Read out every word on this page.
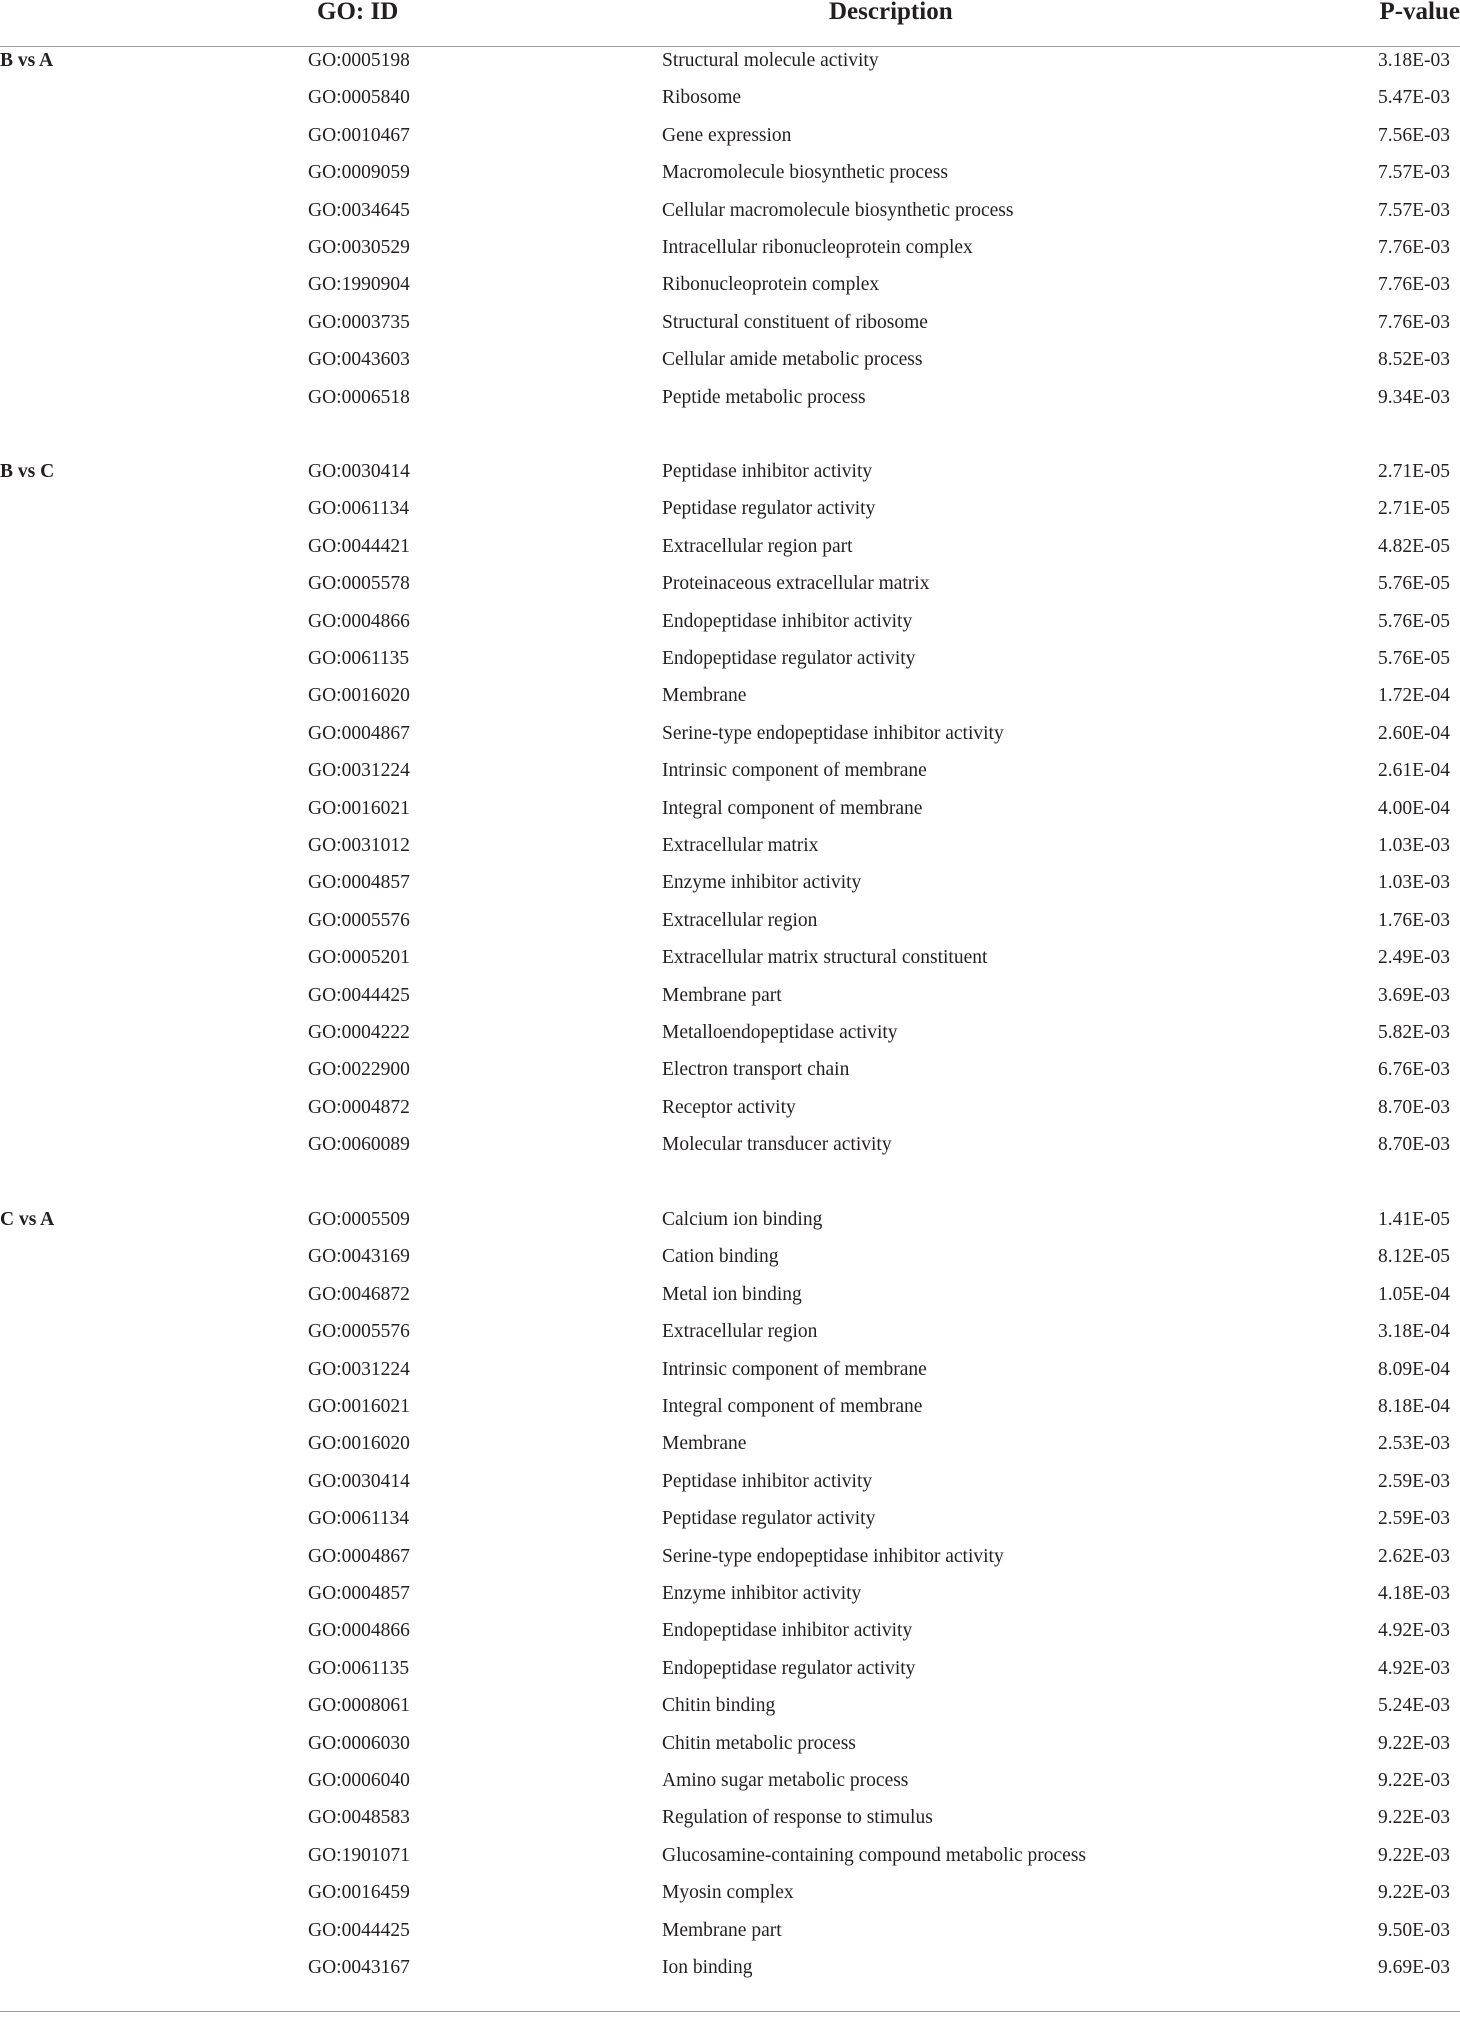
GO: ID	Description	P-value
B vs A	GO:0005198	Structural molecule activity	3.18E-03
GO:0005840	Ribosome	5.47E-03
GO:0010467	Gene expression	7.56E-03
GO:0009059	Macromolecule biosynthetic process	7.57E-03
GO:0034645	Cellular macromolecule biosynthetic process	7.57E-03
GO:0030529	Intracellular ribonucleoprotein complex	7.76E-03
GO:1990904	Ribonucleoprotein complex	7.76E-03
GO:0003735	Structural constituent of ribosome	7.76E-03
GO:0043603	Cellular amide metabolic process	8.52E-03
GO:0006518	Peptide metabolic process	9.34E-03
B vs C	GO:0030414	Peptidase inhibitor activity	2.71E-05
GO:0061134	Peptidase regulator activity	2.71E-05
GO:0044421	Extracellular region part	4.82E-05
GO:0005578	Proteinaceous extracellular matrix	5.76E-05
GO:0004866	Endopeptidase inhibitor activity	5.76E-05
GO:0061135	Endopeptidase regulator activity	5.76E-05
GO:0016020	Membrane	1.72E-04
GO:0004867	Serine-type endopeptidase inhibitor activity	2.60E-04
GO:0031224	Intrinsic component of membrane	2.61E-04
GO:0016021	Integral component of membrane	4.00E-04
GO:0031012	Extracellular matrix	1.03E-03
GO:0004857	Enzyme inhibitor activity	1.03E-03
GO:0005576	Extracellular region	1.76E-03
GO:0005201	Extracellular matrix structural constituent	2.49E-03
GO:0044425	Membrane part	3.69E-03
GO:0004222	Metalloendopeptidase activity	5.82E-03
GO:0022900	Electron transport chain	6.76E-03
GO:0004872	Receptor activity	8.70E-03
GO:0060089	Molecular transducer activity	8.70E-03
C vs A	GO:0005509	Calcium ion binding	1.41E-05
GO:0043169	Cation binding	8.12E-05
GO:0046872	Metal ion binding	1.05E-04
GO:0005576	Extracellular region	3.18E-04
GO:0031224	Intrinsic component of membrane	8.09E-04
GO:0016021	Integral component of membrane	8.18E-04
GO:0016020	Membrane	2.53E-03
GO:0030414	Peptidase inhibitor activity	2.59E-03
GO:0061134	Peptidase regulator activity	2.59E-03
GO:0004867	Serine-type endopeptidase inhibitor activity	2.62E-03
GO:0004857	Enzyme inhibitor activity	4.18E-03
GO:0004866	Endopeptidase inhibitor activity	4.92E-03
GO:0061135	Endopeptidase regulator activity	4.92E-03
GO:0008061	Chitin binding	5.24E-03
GO:0006030	Chitin metabolic process	9.22E-03
GO:0006040	Amino sugar metabolic process	9.22E-03
GO:0048583	Regulation of response to stimulus	9.22E-03
GO:1901071	Glucosamine-containing compound metabolic process	9.22E-03
GO:0016459	Myosin complex	9.22E-03
GO:0044425	Membrane part	9.50E-03
GO:0043167	Ion binding	9.69E-03
